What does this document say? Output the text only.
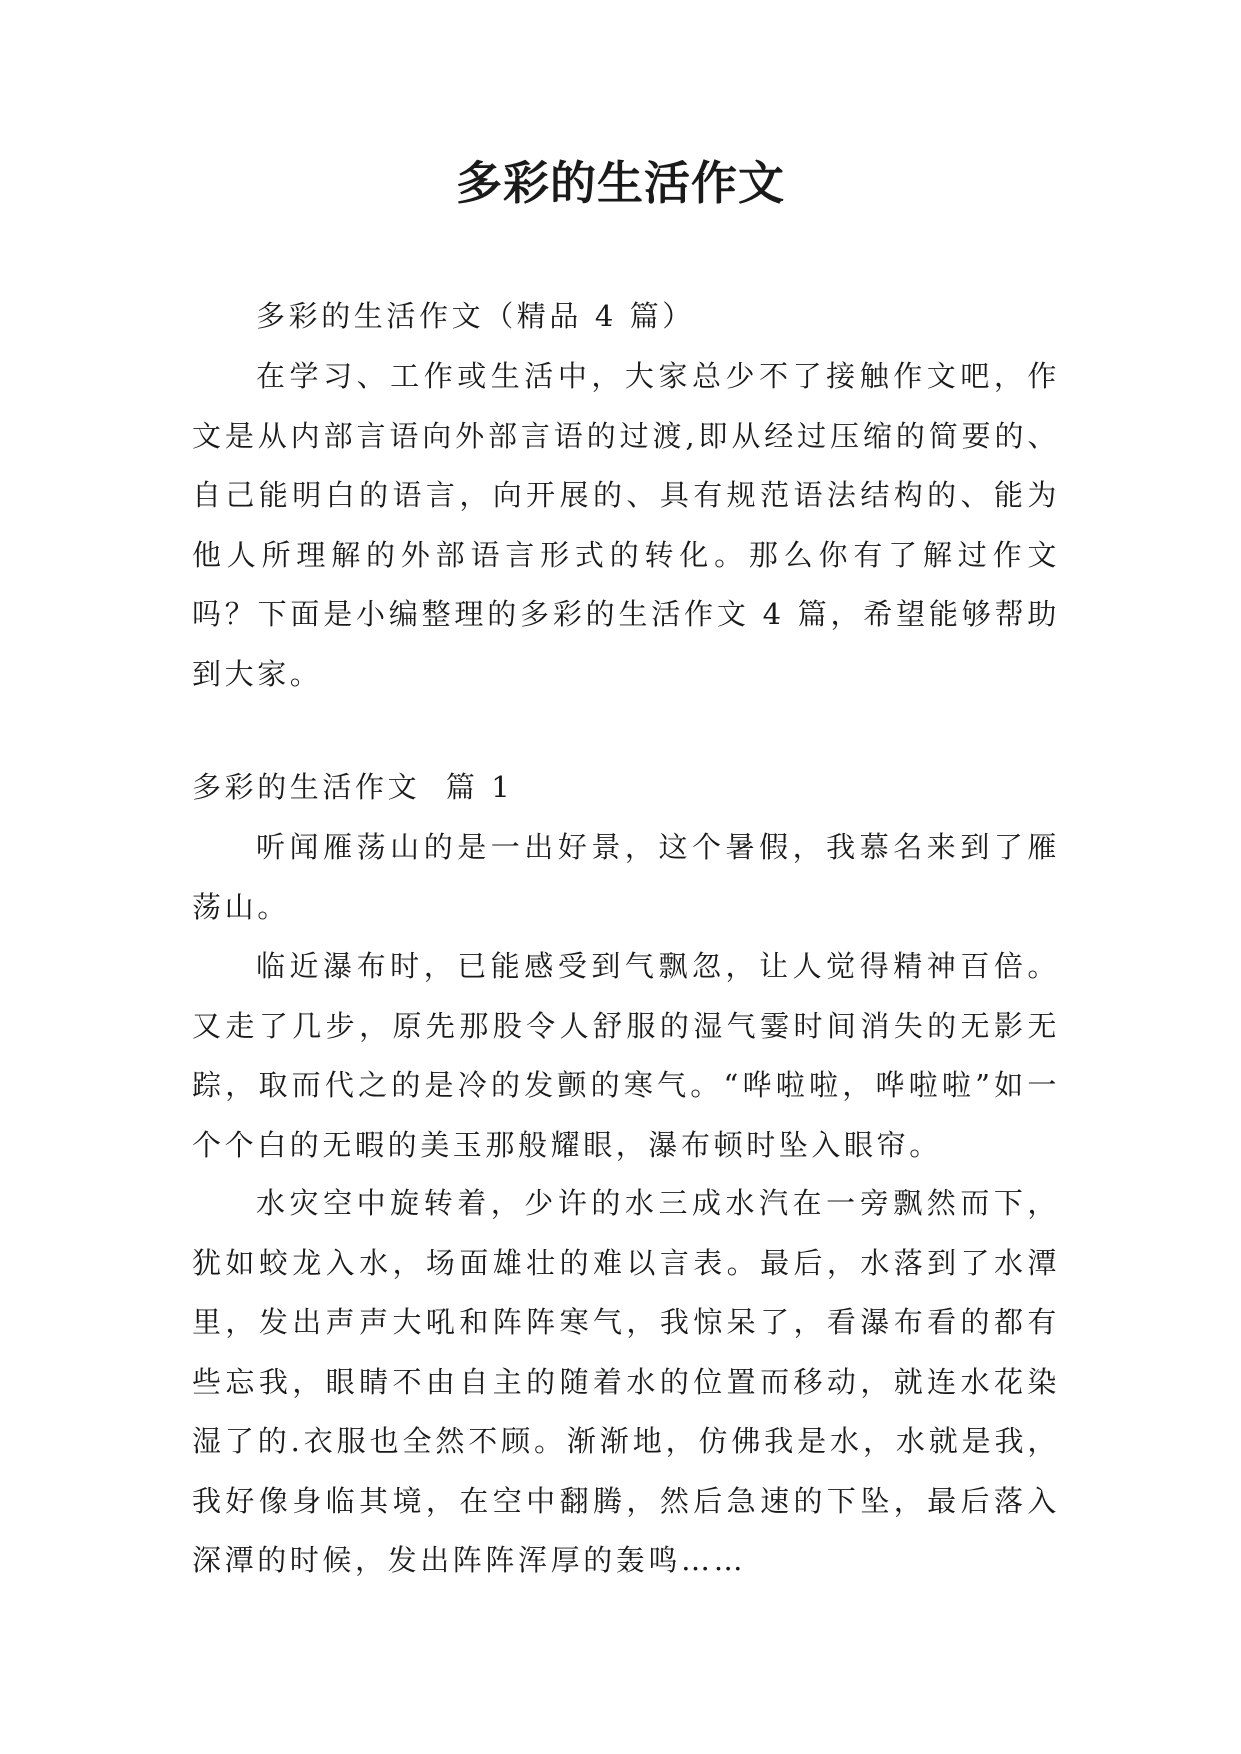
多彩的生活作文

多彩的生活作文（精品 4 篇）

在学习、工作或生活中，大家总少不了接触作文吧，作文是从内部言语向外部言语的过渡,即从经过压缩的简要的、自己能明白的语言，向开展的、具有规范语法结构的、能为他人所理解的外部语言形式的转化。那么你有了解过作文吗？下面是小编整理的多彩的生活作文 4 篇，希望能够帮助到大家。

多彩的生活作文  篇 1

听闻雁荡山的是一出好景，这个暑假，我慕名来到了雁荡山。

临近瀑布时，已能感受到气飘忽，让人觉得精神百倍。又走了几步，原先那股令人舒服的湿气霎时间消失的无影无踪，取而代之的是冷的发颤的寒气。“哗啦啦，哗啦啦”如一个个白的无暇的美玉那般耀眼，瀑布顿时坠入眼帘。

水灾空中旋转着，少许的水三成水汽在一旁飘然而下，犹如蛟龙入水，场面雄壮的难以言表。最后，水落到了水潭里，发出声声大吼和阵阵寒气，我惊呆了，看瀑布看的都有些忘我，眼睛不由自主的随着水的位置而移动，就连水花染湿了的.衣服也全然不顾。渐渐地，仿佛我是水，水就是我，我好像身临其境，在空中翻腾，然后急速的下坠，最后落入深潭的时候，发出阵阵浑厚的轰鸣……
